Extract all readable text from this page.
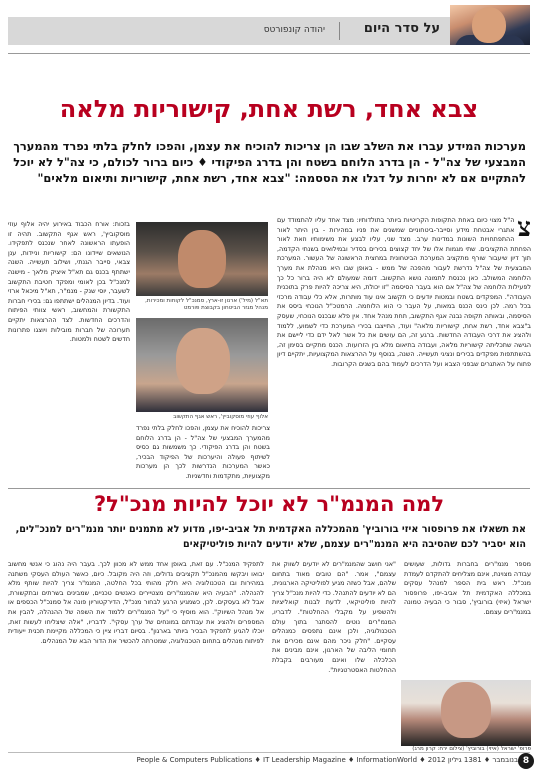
על סדר היום
יהודה קונפורטס
צבא אחד, רשת אחת, קישוריות מלאה
מערכות המידע עברו את השלב שבו הן צריכות להוכיח את עצמן, והפכו לחלק בלתי נפרד מהמערך המבצעי של צה"ל - הן בדרג הלוחם בשטח והן בדרג הפיקודי ♦ כיום ברור לכולם, כי צה"ל לא יוכל להתקיים אם לא יחרות על דגלו את הססמה: "צבא אחד, רשת אחת, קישוריות ותיאום מלאים"
צ
ה"ל מצוי כיום באחת התקופות הקריטיות ביותר בתולדותיו: מצד אחד עליו להתמודד עם אתגרי אבטחת מידע וסייבר-ביטחוניים שמשנים את פניו במהירות - בין היתר לאור ההתפתחויות השונות במדינות ערב. מצד שני, עליו לבצע את משימותיו וזאת לאור הפחתת התקציבים. שתי מגמות אלו של יחד קצוצים בכירים בסדיר ובמילואים בשנתי הקדמה, תוך דיון שיעבור שורף מתקציב המערכת הביטחונית במחצית הראשונה של העשור. המערכת המבצעית של צה"ל נדרשת לעבור מהפכה של ממש - באופן שבו היא מנהלת את מערך הלוחמה המשולב. כאן נכנסת לתמונה נושא התקשוב. דומה שמעולם לא היה ברור כל כך לפעילות הלוחמה של צה"ל אם הוא בעבר הסיסמה "זו יכולת, היא צריכה להיות פרק בתוכנית העבודה". המפקדים בשטח ובמטות יודעים כי תקשוב אינו עוד מותרות, אלא כלי עבודה מרכזי בכל רמה. לכן כינס הכנס במאות, על העבר כי הוא הלוחמה. הרמטכ"ל הנוכחי ביסס את הסיסמה, ובאותה תקופה נבנה אגף התקשוב, תחת מנהל אחד. אין פלא שבכנס הנוכחי, שעסק ב"צבא אחד, רשת אחת, קישוריות מלאה" ועוד, התייצבו בכירי המערכת כדי לשמוע, ללמוד ולהציג את דרכי העבודה החדשות. ברגע זה, הם עושים את כל אשר לאל ידם כדי ליישם את הגישה שתכליתה קישוריות מלאה, ועבודה בתיאום מלא בין הזרועות. הכנס מתקיים בסימן זה, בהשתתפות מפקדים בכירים ונציגי תעשייה. השנה, בנוסף על ההרצאות המקצועיות, יתקיים דיון פתוח על האתגרים שבפני הצבא ועל הדרכים לעמוד בהם בשנים הקרובות.
תא"ל (מיל') ארנון זו-ארץ, סמנכ"ל לקוחות ומכירות, מנהל מגזר הביטחון בקבוצת פורמט
אלוף עוזי מוסקוביץ', ראש אגף התקשוב
צריכות להוכיח את עצמן, והפכו לחלק בלתי נפרד מהמערך המבצעי של צה"ל - הן בדרג הלוחם בשטח והן בדרג הפיקודי. כך משמשות גם כסיס לשיתוף פעולה והיערכות של הפיקוד הבכיר, כאשר המערכות הנדרשות לכך הן מערכות מקצועיות, מתקדמות וחדשניות.
בזכות: אורח הכבוד באירוע יהיה אלוף עוזי מוסקוביץ', ראש אגף התקשוב. תהיה זו הופעתו הראשונה לאחר שנכנס לתפקידו. הנושאים שיידונו הם: קישוריות וניידות, ענן צבאי, סייבר הגנתי, ושילוב תעשייה. השנה ישתתף בכנס גם תא"ל איציק מלאך - מישנה למנכ"ל בכן לאומי ומפקד חטיבת התקשוב לשעבר, יוסי שנק - מנמ"ר, תא"ל מיכאל ארזי ועוד. בדיון המנהלים ישתתפו גם: בכירי חברות התקשורת והמחשוב, ראשי צוותי הפיתוח והדרכים החדשות. לצד ההרצאות יתקיים תערוכה של חברות מובילות ויוצגו פתרונות חדשים לשטח ולמטות.
למה המנמ"ר לא יוכל להיות מנכ"ל?
את תשאלו את פרופסור איזי בורוביץ' מהמכללה האקדמית תל אביב-יפו, מדוע לא מתמנים יותר מנמ"רים למנכ"לים, הוא יסביר לכם שהסיבה היא המנמ"רים עצמם, שלא יודעים להיות פוליטיקאים
מספר מנמ"רים בחברות גדולות, שעושים עבודה מצוינת, אינם מצליחים להתקדם לעמדת מנכ"ל. ראש בית הספר למנהל עסקים במכללה האקדמית תל אביב-יפו, פרופסור ישראל (איזי) בורוביץ', סבור כי הבעיה טמונה במנמ"רים עצמם.
"אני חושב שהמנמ"רים לא יודעים לשווק את עצמם", אמר. "הם טובים מאוד בתחום שלהם, אבל כשזה מגיע לפוליטיקה הארגונית, הם לא יודעים להתנהל. כדי להיות מנכ"ל צריך להיות פוליטיקאי, לדעת לבנות קואליציות ולהשפיע על מקבלי ההחלטות". לדבריו, המנמ"רים נוטים להסתגר בתוך עולם הטכנולוגיה, ולכן אינם נתפסים כמנהלים עסקיים. "חלק ניכר מהם אינם מכירים את תחומי הליבה של הארגון, אינם מבינים את הכלכלה שלו ואינם מעורבים בקבלת ההחלטות האסטרטגיות".
לתפקיד המנכ"ל. עם זאת, באופן אחד ממש לא מכוון לכך. בעבר היה נהוג כי אנשי מחשוב יבואו ויבקשו מהמנכ"ל תקציבים גדולים, וזה היה מקובל. כיום, כאשר העולם העסקי משתנה במהירות ובו הטכנולוגיה היא חלק מהותי בכל החלטה, המנמ"ר צריך להיות שותף מלא להנהלה. "הבעיה היא שהמנמ"רים מצטיירים כאנשים טכניים, שמבינים בשרתים ובתקשורת, אבל לא בעסקים. לכן, כשמגיע הרגע לבחור מנכ"ל, הדירקטוריון פונה אל סמנכ"ל הכספים או אל מנהל השיווק". הוא מוסיף כי "על המנמ"רים ללמוד את השפה של ההנהלה, להבין את המספרים ולהציג את עבודתם במונחים של ערך עסקי". לדבריו, "אלה שיצליחו לעשות זאת, יוכלו להגיע לתפקיד הבכיר ביותר בארגון". בסיום דבריו ציין כי המכללה מקיימת תכנית ייעודית לפיתוח מנהלים בתחום הטכנולוגיה, שמטרתה להכשיר את הדור הבא של המנהלים.
פרופ' ישראל (איזי) בורוביץ' (צילום ירח: קרון מרג)
People & Computers Publications ♦ IT Leadership Magazine ♦ InformationWorld ♦ 2012 בנובמבר ♦ 1381 גיליון 8
